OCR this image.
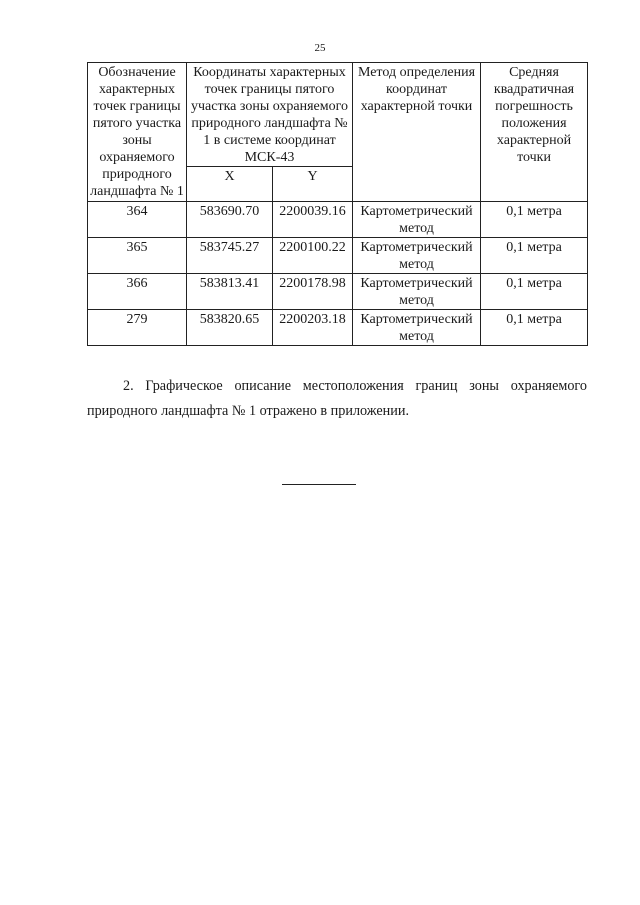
25
Обозначение характерных точек границы пятого участка зоны охраняемого природного ландшафта № 1	Координаты характерных точек границы пятого участка зоны охраняемого природного ландшафта № 1 в системе координат МСК-43		Метод определения координат характерной точки	Средняя квадратичная погрешность положения характерной точки
	X	Y		
364	583690.70	2200039.16	Картометрический метод	0,1 метра
365	583745.27	2200100.22	Картометрический метод	0,1 метра
366	583813.41	2200178.98	Картометрический метод	0,1 метра
279	583820.65	2200203.18	Картометрический метод	0,1 метра

2. Графическое описание местоположения границ зоны охраняемого природного ландшафта № 1 отражено в приложении.
